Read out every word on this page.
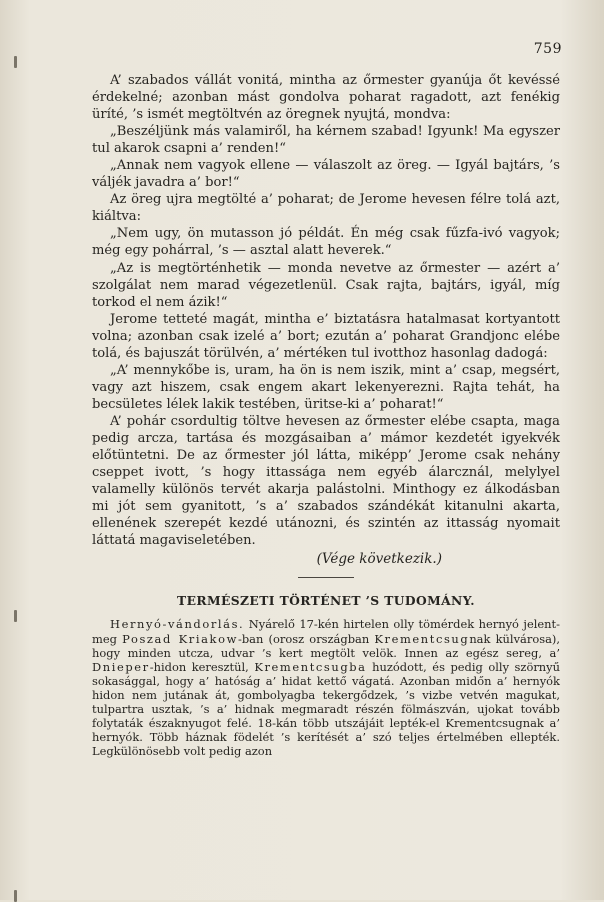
759

A’ szabados vállát vonitá, mintha az őrmester gyanúja őt kevéssé érdekelné; azonban mást gondolva poharat ragadott, azt fenékig üríté, ’s ismét megtöltvén az öregnek nyujtá, mondva:

„Beszéljünk más valamiről, ha kérnem szabad! Igyunk! Ma egyszer tul akarok csapni a’ renden!“

„Annak nem vagyok ellene — válaszolt az öreg. — Igyál bajtárs, ’s váljék javadra a’ bor!“

Az öreg ujra megtölté a’ poharat; de Jerome hevesen félre tolá azt, kiáltva:

„Nem ugy, ön mutasson jó példát. Én még csak fűzfa-ivó vagyok; még egy pohárral, ’s — asztal alatt heverek.“

„Az is megtörténhetik — monda nevetve az őrmester — azért a’ szolgálat nem marad végezetlenül. Csak rajta, bajtárs, igyál, míg torkod el nem ázik!“

Jerome tetteté magát, mintha e’ biztatásra hatalmasat kortyantott volna; azonban csak izelé a’ bort; ezután a’ poharat Grandjonc elébe tolá, és bajuszát törülvén, a’ mértéken tul ivotthoz hasonlag dadogá:

„A’ mennykőbe is, uram, ha ön is nem iszik, mint a’ csap, megsért, vagy azt hiszem, csak engem akart lekenyerezni. Rajta tehát, ha becsületes lélek lakik testében, üritse-ki a’ poharat!“

A’ pohár csordultig töltve hevesen az őrmester elébe csapta, maga pedig arcza, tartása és mozgásaiban a’ mámor kezdetét igyekvék előtüntetni. De az őrmester jól látta, miképp’ Jerome csak nehány cseppet ivott, ’s hogy ittassága nem egyéb álarcznál, melylyel valamelly különös tervét akarja palástolni. Minthogy ez álkodásban mi jót sem gyanitott, ’s a’ szabados szándékát kitanulni akarta, ellenének szerepét kezdé utánozni, és szintén az ittasság nyomait láttatá magaviseletében.

(Vége következik.)
TERMÉSZETI TÖRTÉNET ’S TUDOMÁNY.

Hernyó-vándorlás. Nyárelő 17-kén hirtelen olly tömérdek hernyó jelent-meg Poszad Kriakow-ban (orosz országban Krementcsugnak külvárosa), hogy minden utcza, udvar ’s kert megtölt velök. Innen az egész sereg, a’ Dnieper-hidon keresztül, Krementcsugba huzódott, és pedig olly szörnyű sokasággal, hogy a’ hatóság a’ hidat kettő vágatá. Azonban midőn a’ hernyók hidon nem jutának át, gombolyagba tekergődzek, ’s vizbe vetvén magukat, tulpartra usztak, ’s a’ hidnak megmaradt részén fölmászván, ujokat tovább folytaták északnyugot felé. 18-kán több utszájáit lepték-el Krementcsugnak a’ hernyók. Több háznak födelét ’s kerítését a’ szó teljes értelmében ellepték. Legkülönösebb volt pedig azon
